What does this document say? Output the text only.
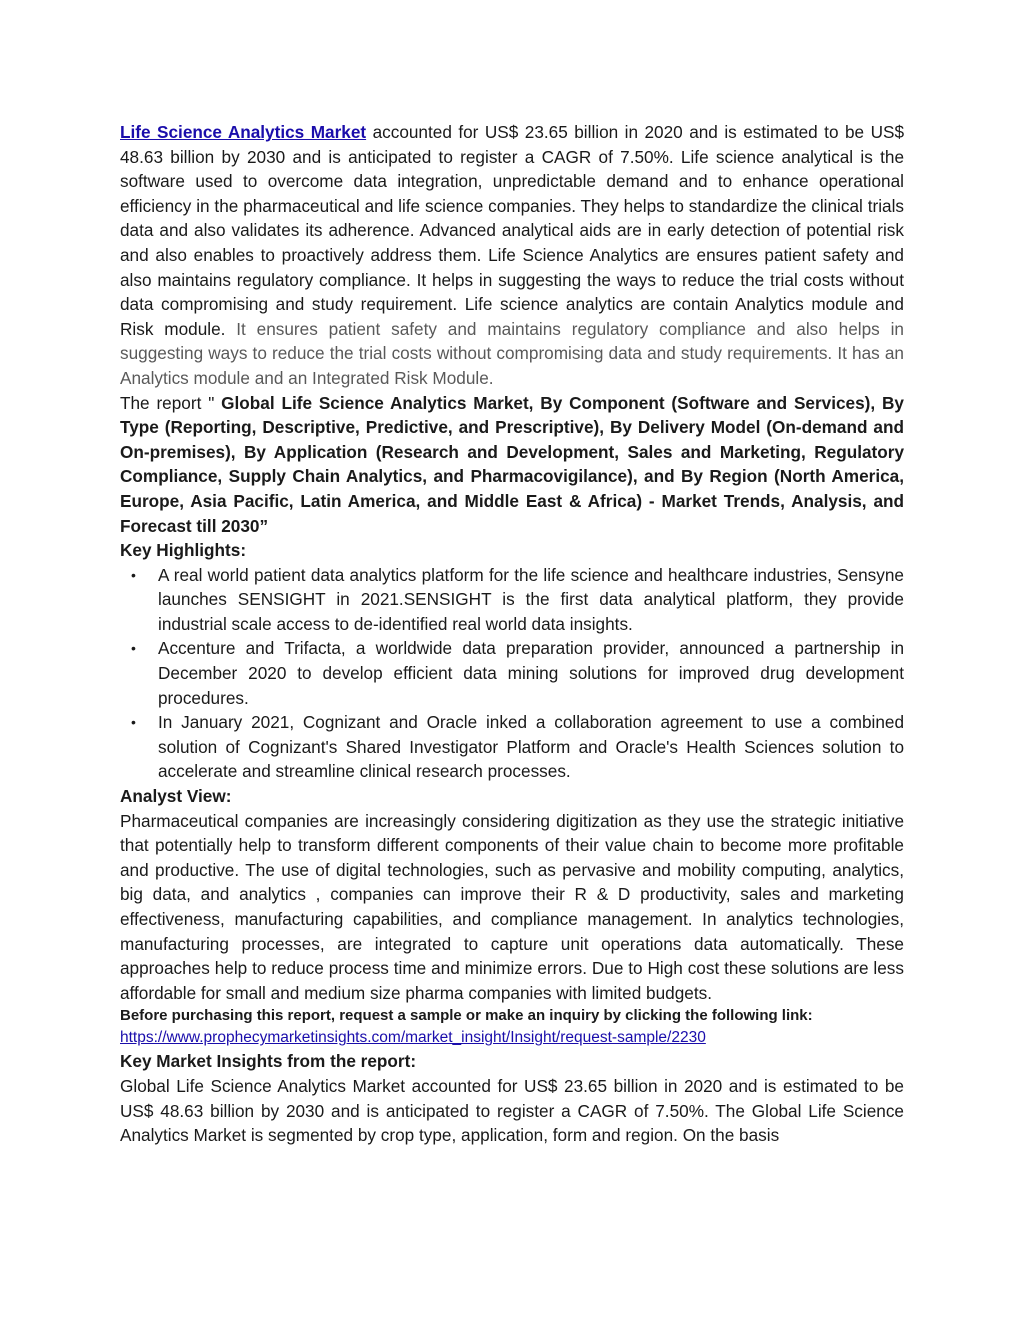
Life Science Analytics Market accounted for US$ 23.65 billion in 2020 and is estimated to be US$ 48.63 billion by 2030 and is anticipated to register a CAGR of 7.50%. Life science analytical is the software used to overcome data integration, unpredictable demand and to enhance operational efficiency in the pharmaceutical and life science companies. They helps to standardize the clinical trials data and also validates its adherence. Advanced analytical aids are in early detection of potential risk and also enables to proactively address them. Life Science Analytics are ensures patient safety and also maintains regulatory compliance. It helps in suggesting the ways to reduce the trial costs without data compromising and study requirement. Life science analytics are contain Analytics module and Risk module. It ensures patient safety and maintains regulatory compliance and also helps in suggesting ways to reduce the trial costs without compromising data and study requirements. It has an Analytics module and an Integrated Risk Module.

The report " Global Life Science Analytics Market, By Component (Software and Services), By Type (Reporting, Descriptive, Predictive, and Prescriptive), By Delivery Model (On-demand and On-premises), By Application (Research and Development, Sales and Marketing, Regulatory Compliance, Supply Chain Analytics, and Pharmacovigilance), and By Region (North America, Europe, Asia Pacific, Latin America, and Middle East & Africa) - Market Trends, Analysis, and Forecast till 2030”

Key Highlights:
• A real world patient data analytics platform for the life science and healthcare industries, Sensyne launches SENSIGHT in 2021.SENSIGHT is the first data analytical platform, they provide industrial scale access to de-identified real world data insights.
• Accenture and Trifacta, a worldwide data preparation provider, announced a partnership in December 2020 to develop efficient data mining solutions for improved drug development procedures.
• In January 2021, Cognizant and Oracle inked a collaboration agreement to use a combined solution of Cognizant's Shared Investigator Platform and Oracle's Health Sciences solution to accelerate and streamline clinical research processes.
Analyst View:

Pharmaceutical companies are increasingly considering digitization as they use the strategic initiative that potentially help to transform different components of their value chain to become more profitable and productive. The use of digital technologies, such as pervasive and mobility computing, analytics, big data, and analytics , companies can improve their R & D productivity, sales and marketing effectiveness, manufacturing capabilities, and compliance management. In analytics technologies, manufacturing processes, are integrated to capture unit operations data automatically. These approaches help to reduce process time and minimize errors. Due to High cost these solutions are less affordable for small and medium size pharma companies with limited budgets.

Before purchasing this report, request a sample or make an inquiry by clicking the following link:

https://www.prophecymarketinsights.com/market_insight/Insight/request-sample/2230
Key Market Insights from the report:

Global Life Science Analytics Market accounted for US$ 23.65 billion in 2020 and is estimated to be US$ 48.63 billion by 2030 and is anticipated to register a CAGR of 7.50%. The Global Life Science Analytics Market is segmented by crop type, application, form and region. On the basis
